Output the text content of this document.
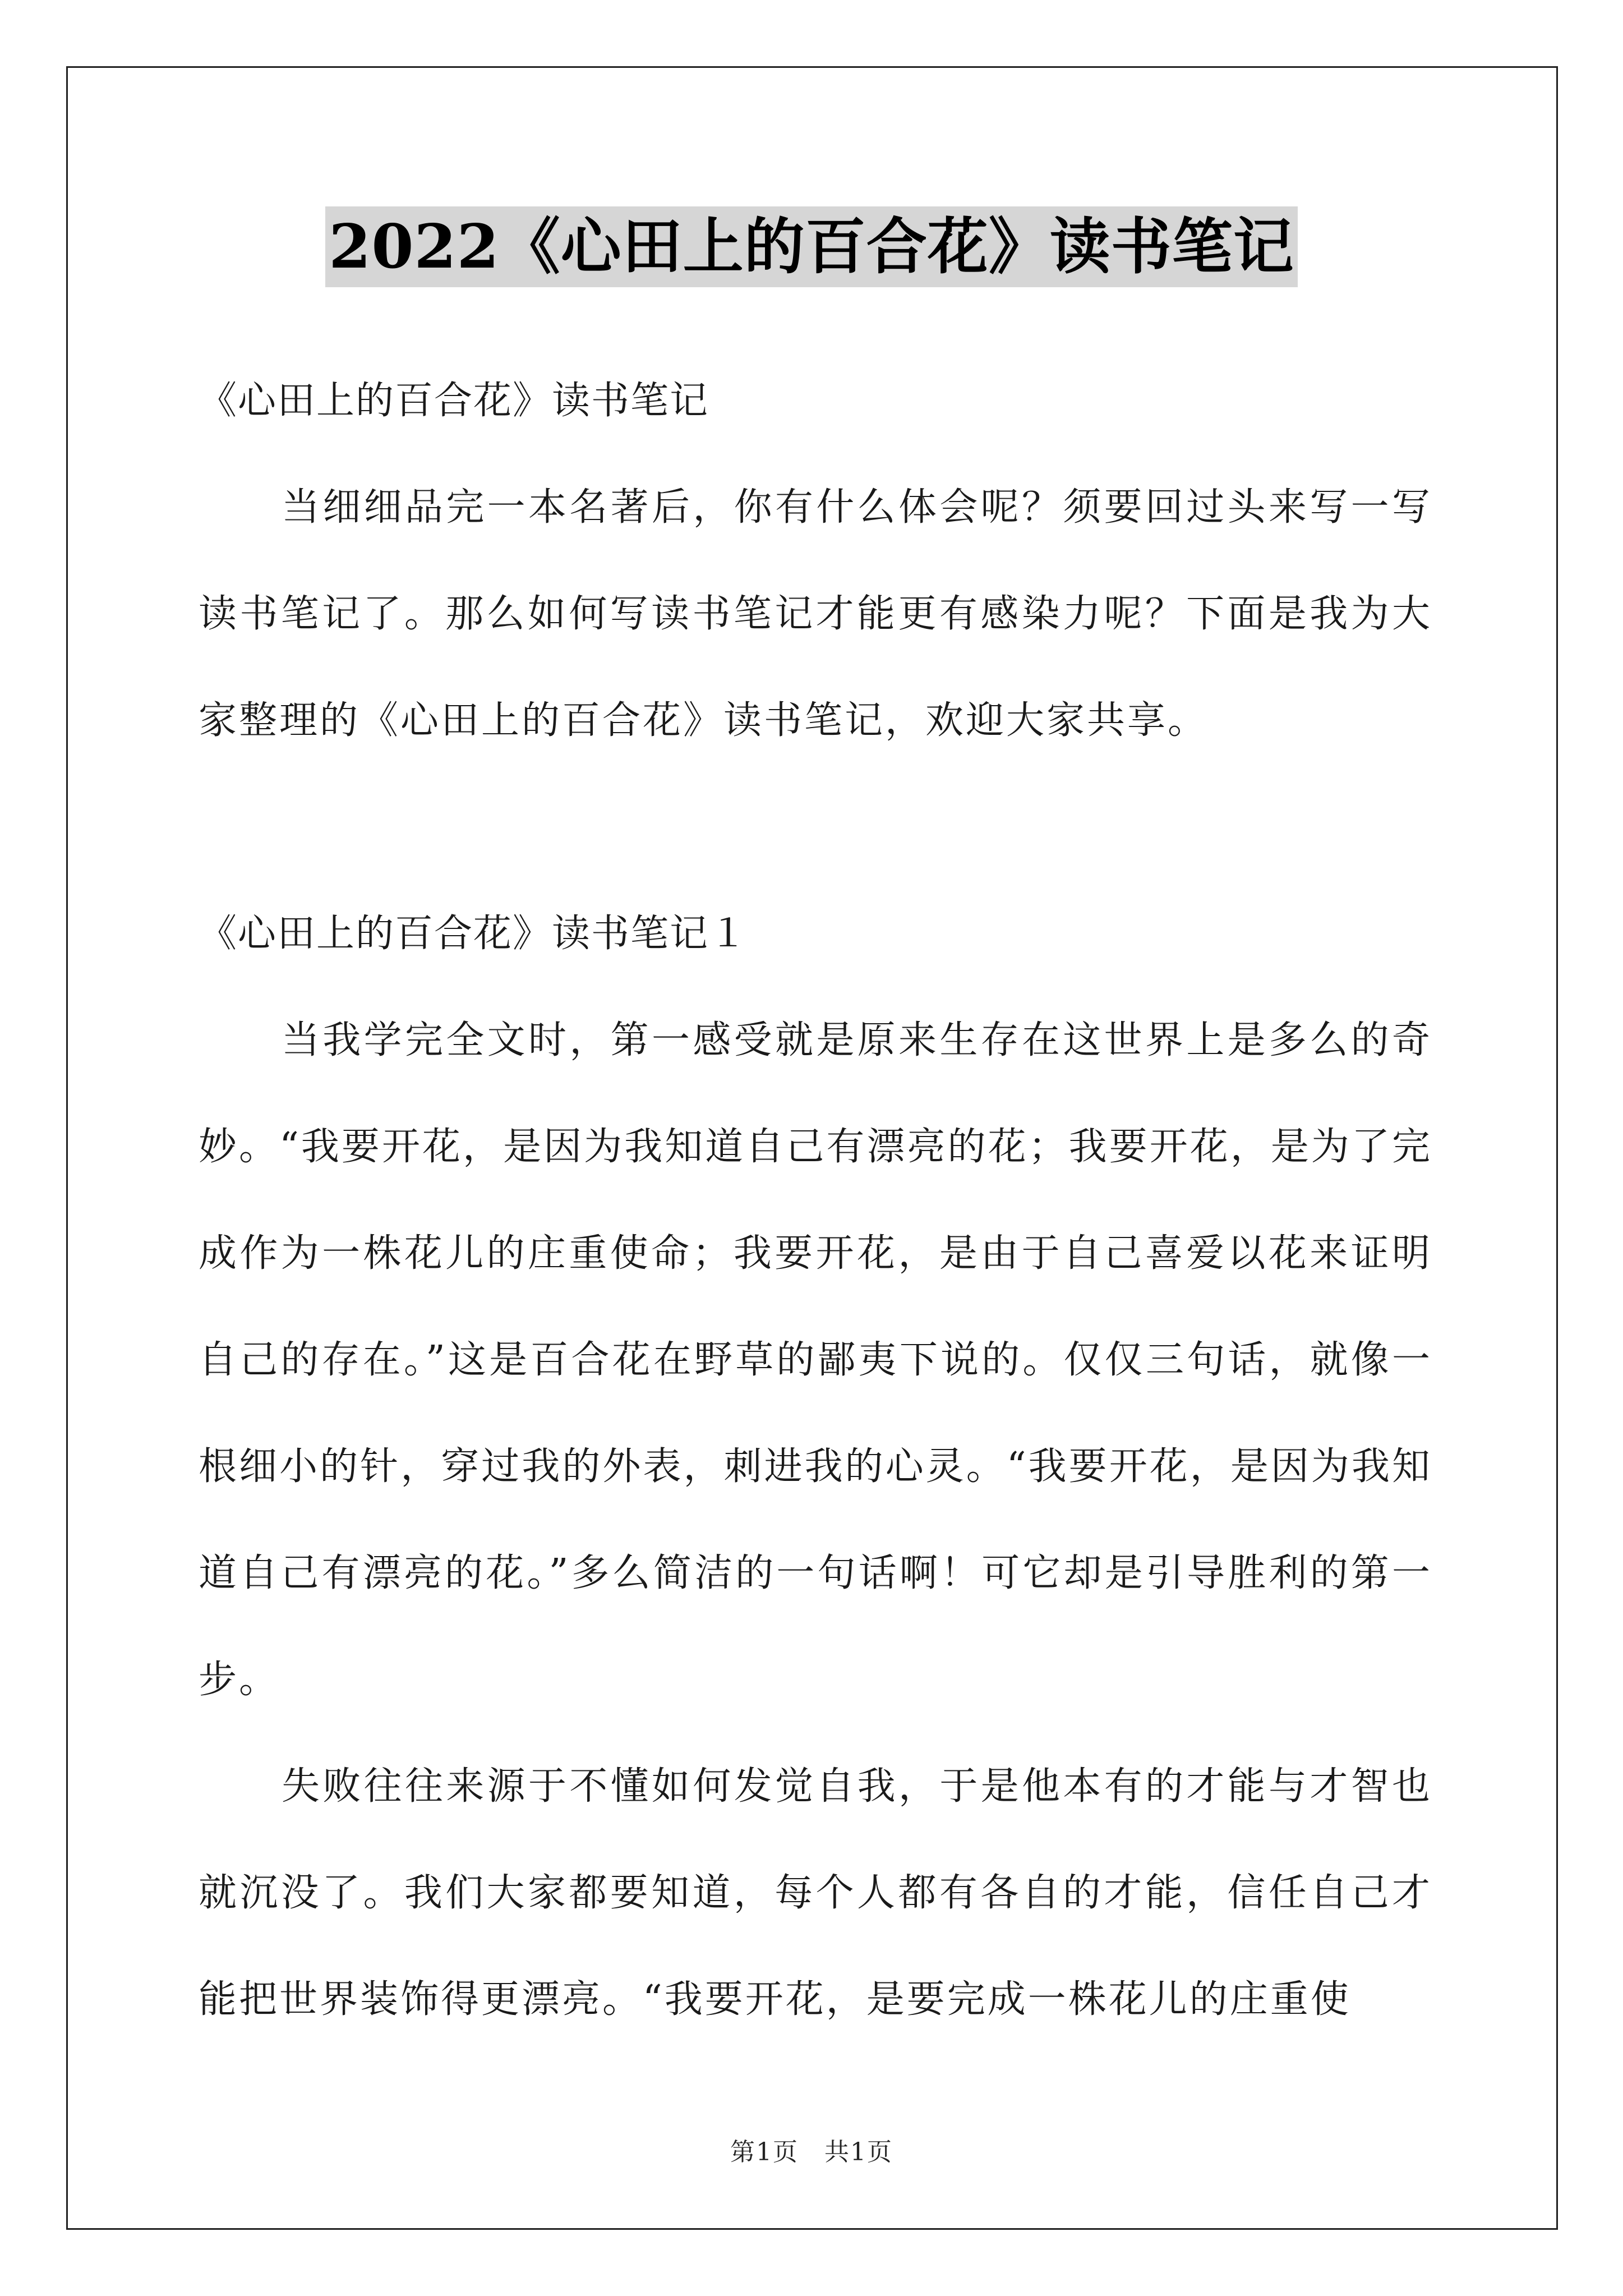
2022《心田上的百合花》读书笔记

《心田上的百合花》读书笔记

当细细品完一本名著后，你有什么体会呢？须要回过头来写一写读书笔记了。那么如何写读书笔记才能更有感染力呢？下面是我为大家整理的《心田上的百合花》读书笔记，欢迎大家共享。

《心田上的百合花》读书笔记１

当我学完全文时，第一感受就是原来生存在这世界上是多么的奇妙。“我要开花，是因为我知道自己有漂亮的花；我要开花，是为了完成作为一株花儿的庄重使命；我要开花，是由于自己喜爱以花来证明自己的存在。”这是百合花在野草的鄙夷下说的。仅仅三句话，就像一根细小的针，穿过我的外表，刺进我的心灵。“我要开花，是因为我知道自己有漂亮的花。”多么简洁的一句话啊！可它却是引导胜利的第一步。

失败往往来源于不懂如何发觉自我，于是他本有的才能与才智也就沉没了。我们大家都要知道，每个人都有各自的才能，信任自己才能把世界装饰得更漂亮。“我要开花，是要完成一株花儿的庄重使

第1页　共1页
